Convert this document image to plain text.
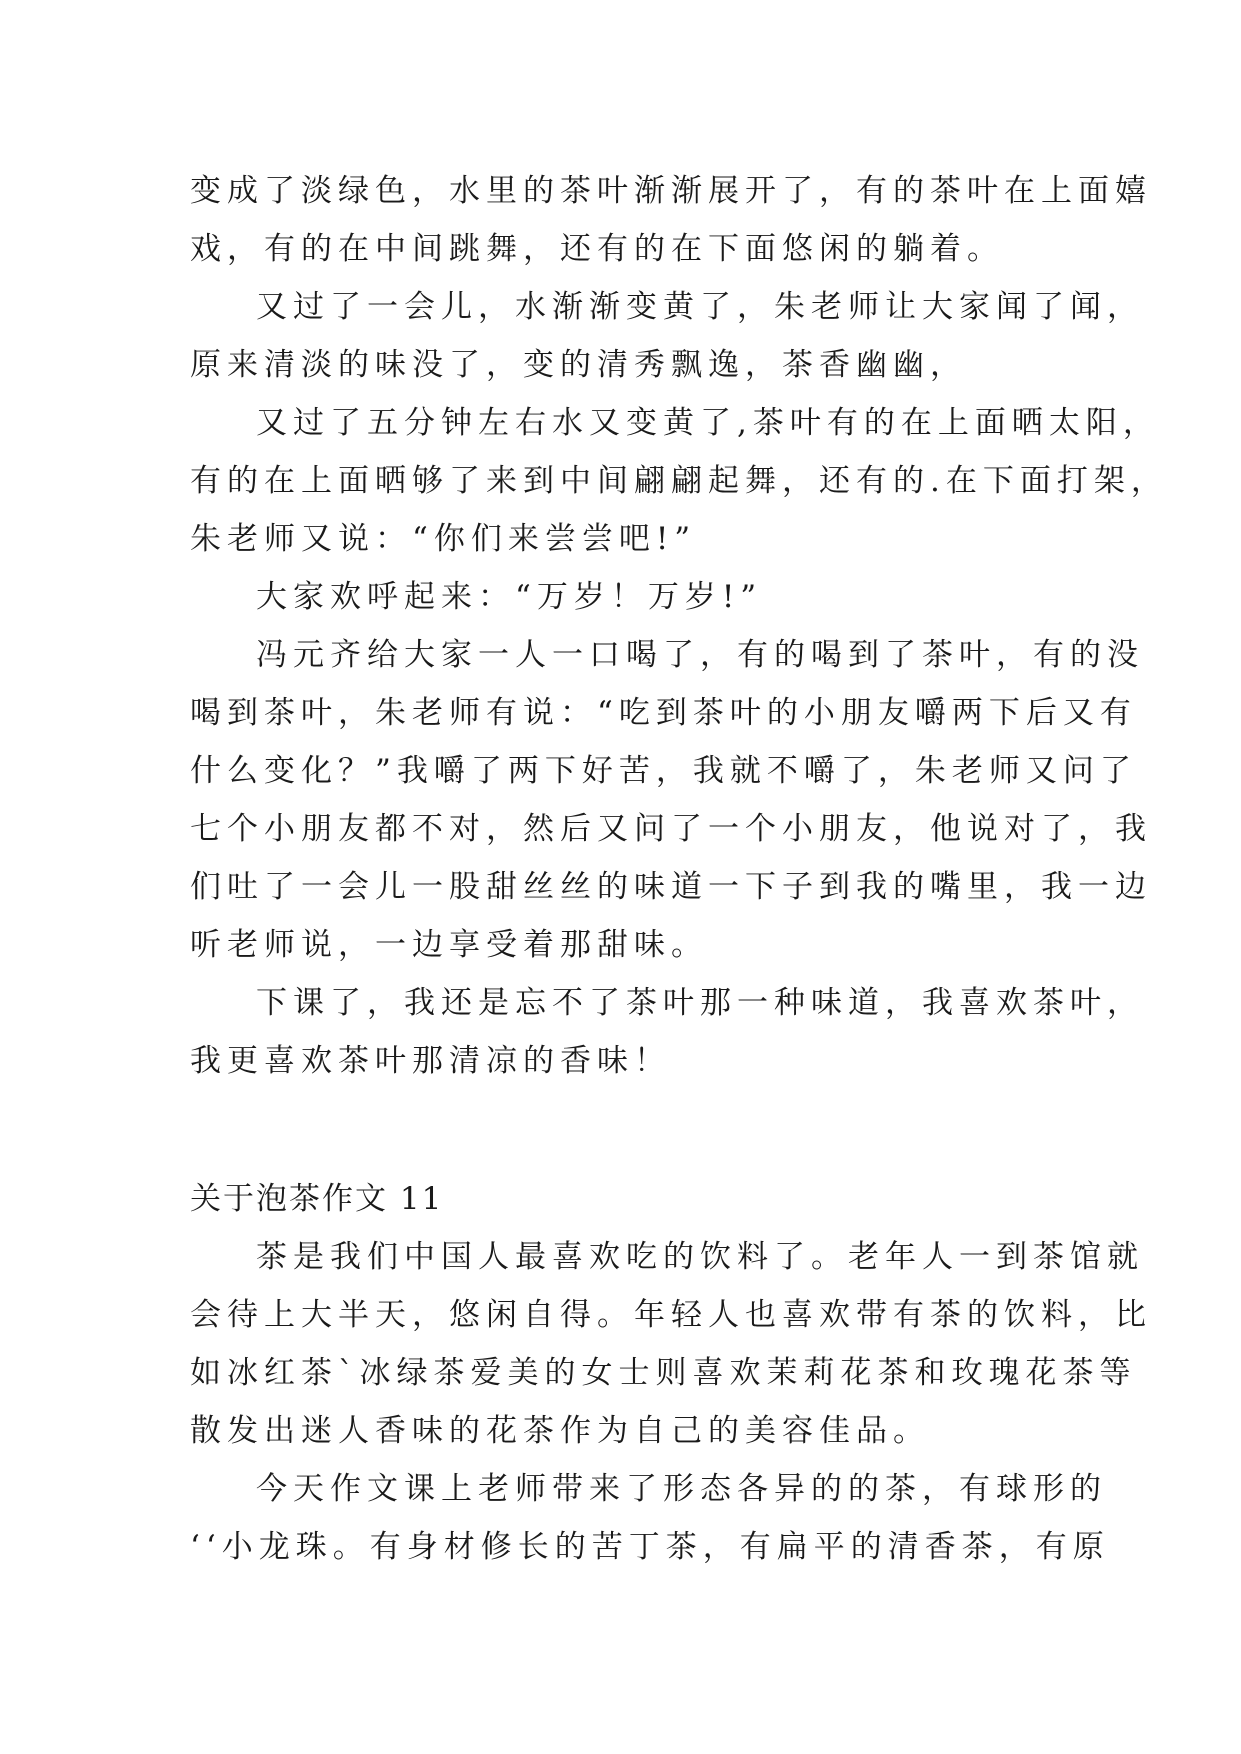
变成了淡绿色，水里的茶叶渐渐展开了，有的茶叶在上面嬉
戏，有的在中间跳舞，还有的在下面悠闲的躺着。
又过了一会儿，水渐渐变黄了，朱老师让大家闻了闻，
原来清淡的味没了，变的清秀飘逸，茶香幽幽，
又过了五分钟左右水又变黄了,茶叶有的在上面晒太阳，
有的在上面晒够了来到中间翩翩起舞，还有的.在下面打架，
朱老师又说：“你们来尝尝吧!”
大家欢呼起来：“万岁！万岁!”
冯元齐给大家一人一口喝了，有的喝到了茶叶，有的没
喝到茶叶，朱老师有说：“吃到茶叶的小朋友嚼两下后又有
什么变化？”我嚼了两下好苦，我就不嚼了，朱老师又问了
七个小朋友都不对，然后又问了一个小朋友，他说对了，我
们吐了一会儿一股甜丝丝的味道一下子到我的嘴里，我一边
听老师说，一边享受着那甜味。
下课了，我还是忘不了茶叶那一种味道，我喜欢茶叶，
我更喜欢茶叶那清凉的香味！
关于泡茶作文 11
茶是我们中国人最喜欢吃的饮料了。老年人一到茶馆就
会待上大半天，悠闲自得。年轻人也喜欢带有茶的饮料，比
如冰红茶`冰绿茶爱美的女士则喜欢茉莉花茶和玫瑰花茶等
散发出迷人香味的花茶作为自己的美容佳品。
今天作文课上老师带来了形态各异的的茶，有球形的
‘‘小龙珠。有身材修长的苦丁茶，有扁平的清香茶，有原
